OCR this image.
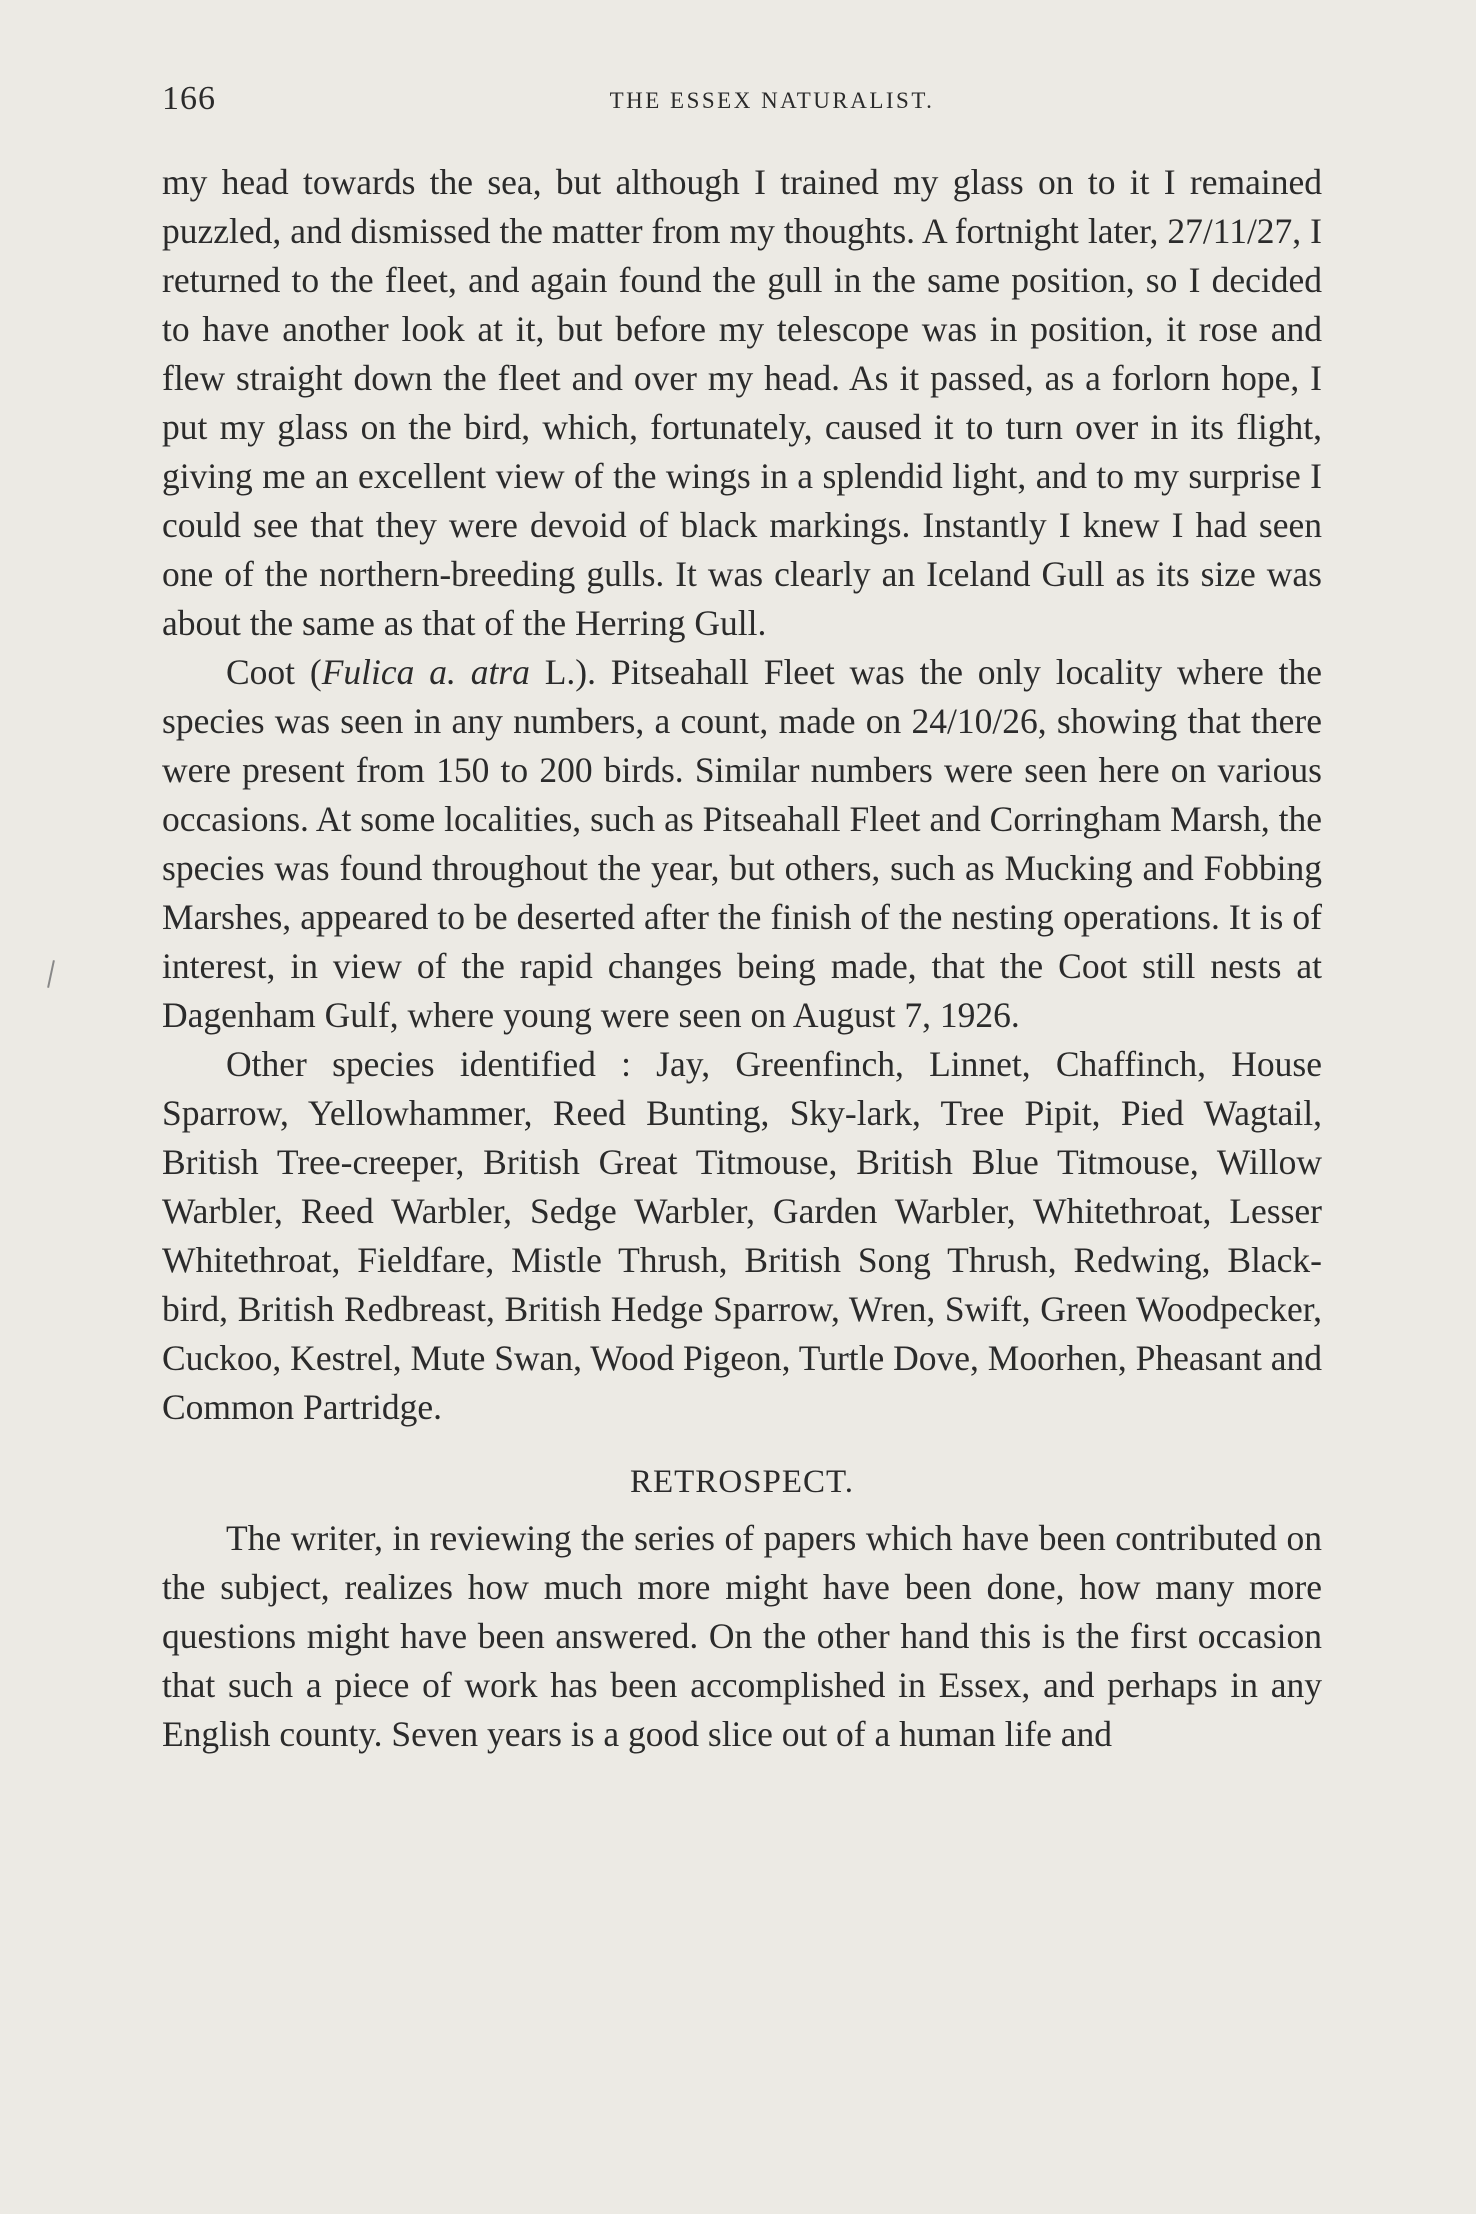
166	THE ESSEX NATURALIST.

my head towards the sea, but although I trained my glass on to it I remained puzzled, and dismissed the matter from my thoughts. A fortnight later, 27/11/27, I returned to the fleet, and again found the gull in the same position, so I decided to have another look at it, but before my telescope was in position, it rose and flew straight down the fleet and over my head. As it passed, as a forlorn hope, I put my glass on the bird, which, fortunately, caused it to turn over in its flight, giving me an excellent view of the wings in a splendid light, and to my surprise I could see that they were devoid of black markings. Instantly I knew I had seen one of the northern-breeding gulls. It was clearly an Iceland Gull as its size was about the same as that of the Herring Gull.

Coot (Fulica a. atra L.). Pitseahall Fleet was the only locality where the species was seen in any numbers, a count, made on 24/10/26, showing that there were present from 150 to 200 birds. Similar numbers were seen here on various occasions. At some localities, such as Pitseahall Fleet and Corringham Marsh, the species was found throughout the year, but others, such as Mucking and Fobbing Marshes, appeared to be deserted after the finish of the nesting operations. It is of interest, in view of the rapid changes being made, that the Coot still nests at Dagenham Gulf, where young were seen on August 7, 1926.

Other species identified : Jay, Greenfinch, Linnet, Chaffinch, House Sparrow, Yellowhammer, Reed Bunting, Sky-lark, Tree Pipit, Pied Wagtail, British Tree-creeper, British Great Titmouse, British Blue Titmouse, Willow Warbler, Reed Warbler, Sedge Warbler, Garden Warbler, Whitethroat, Lesser Whitethroat, Fieldfare, Mistle Thrush, British Song Thrush, Redwing, Black-bird, British Redbreast, British Hedge Sparrow, Wren, Swift, Green Woodpecker, Cuckoo, Kestrel, Mute Swan, Wood Pigeon, Turtle Dove, Moorhen, Pheasant and Common Partridge.

RETROSPECT.

The writer, in reviewing the series of papers which have been contributed on the subject, realizes how much more might have been done, how many more questions might have been answered. On the other hand this is the first occasion that such a piece of work has been accomplished in Essex, and perhaps in any English county. Seven years is a good slice out of a human life and
